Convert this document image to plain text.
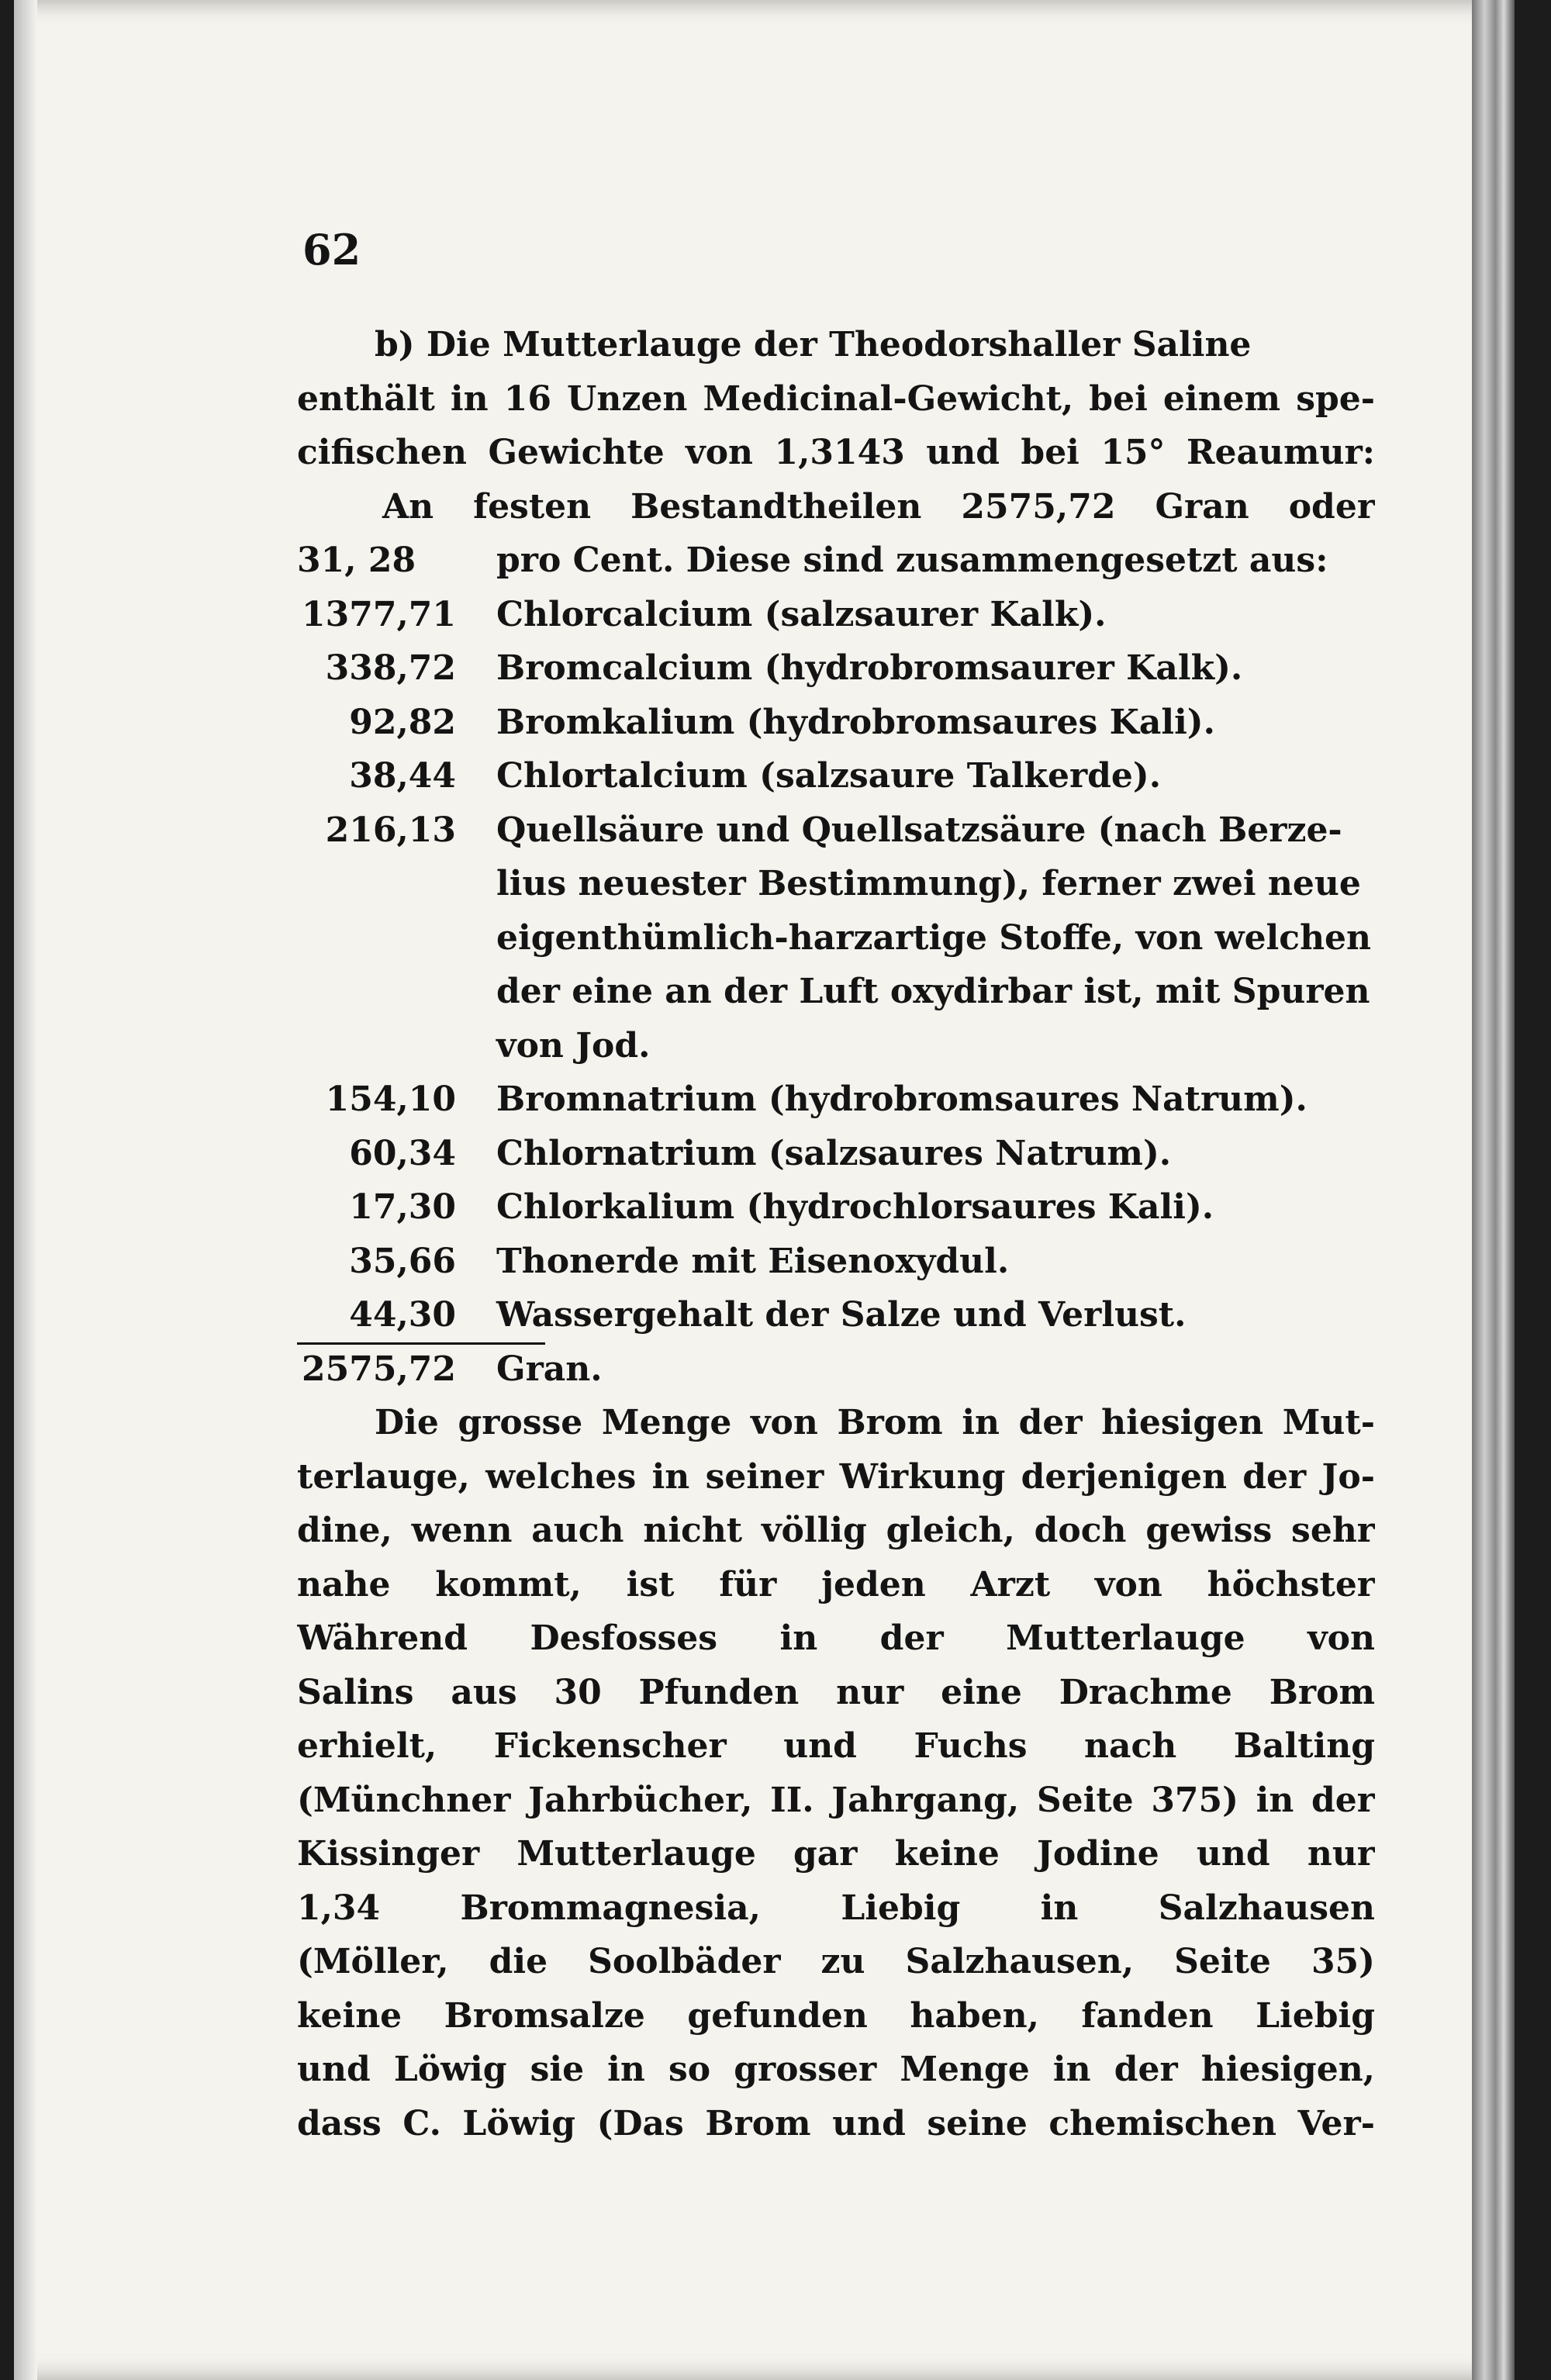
62
b) Die Mutterlauge der Theodorshaller Saline
enthält in 16 Unzen Medicinal-Gewicht, bei einem spe-
cifischen Gewichte von 1,3143 und bei 15° Reaumur:
An festen Bestandtheilen 2575,72 Gran oder
31, 28	pro Cent. Diese sind zusammengesetzt aus:
1377,71	Chlorcalcium (salzsaurer Kalk).
338,72	Bromcalcium (hydrobromsaurer Kalk).
92,82	Bromkalium (hydrobromsaures Kali).
38,44	Chlortalcium (salzsaure Talkerde).
216,13	Quellsäure und Quellsatzsäure (nach Berze-
lius neuester Bestimmung), ferner zwei neue
eigenthümlich-harzartige Stoffe, von welchen
der eine an der Luft oxydirbar ist, mit Spuren
von Jod.
154,10	Bromnatrium (hydrobromsaures Natrum).
60,34	Chlornatrium (salzsaures Natrum).
17,30	Chlorkalium (hydrochlorsaures Kali).
35,66	Thonerde mit Eisenoxydul.
44,30	Wassergehalt der Salze und Verlust.
2575,72	Gran.
Die grosse Menge von Brom in der hiesigen Mut-
terlauge, welches in seiner Wirkung derjenigen der Jo-
dine, wenn auch nicht völlig gleich, doch gewiss sehr
nahe kommt, ist für jeden Arzt von höchster
Während Desfosses in der Mutterlauge von
Salins aus 30 Pfunden nur eine Drachme Brom
erhielt, Fickenscher und Fuchs nach Balting
(Münchner Jahrbücher, II. Jahrgang, Seite 375) in der
Kissinger Mutterlauge gar keine Jodine und nur
1,34 Brommagnesia, Liebig in Salzhausen
(Möller, die Soolbäder zu Salzhausen, Seite 35)
keine Bromsalze gefunden haben, fanden Liebig
und Löwig sie in so grosser Menge in der hiesigen,
dass C. Löwig (Das Brom und seine chemischen Ver-
